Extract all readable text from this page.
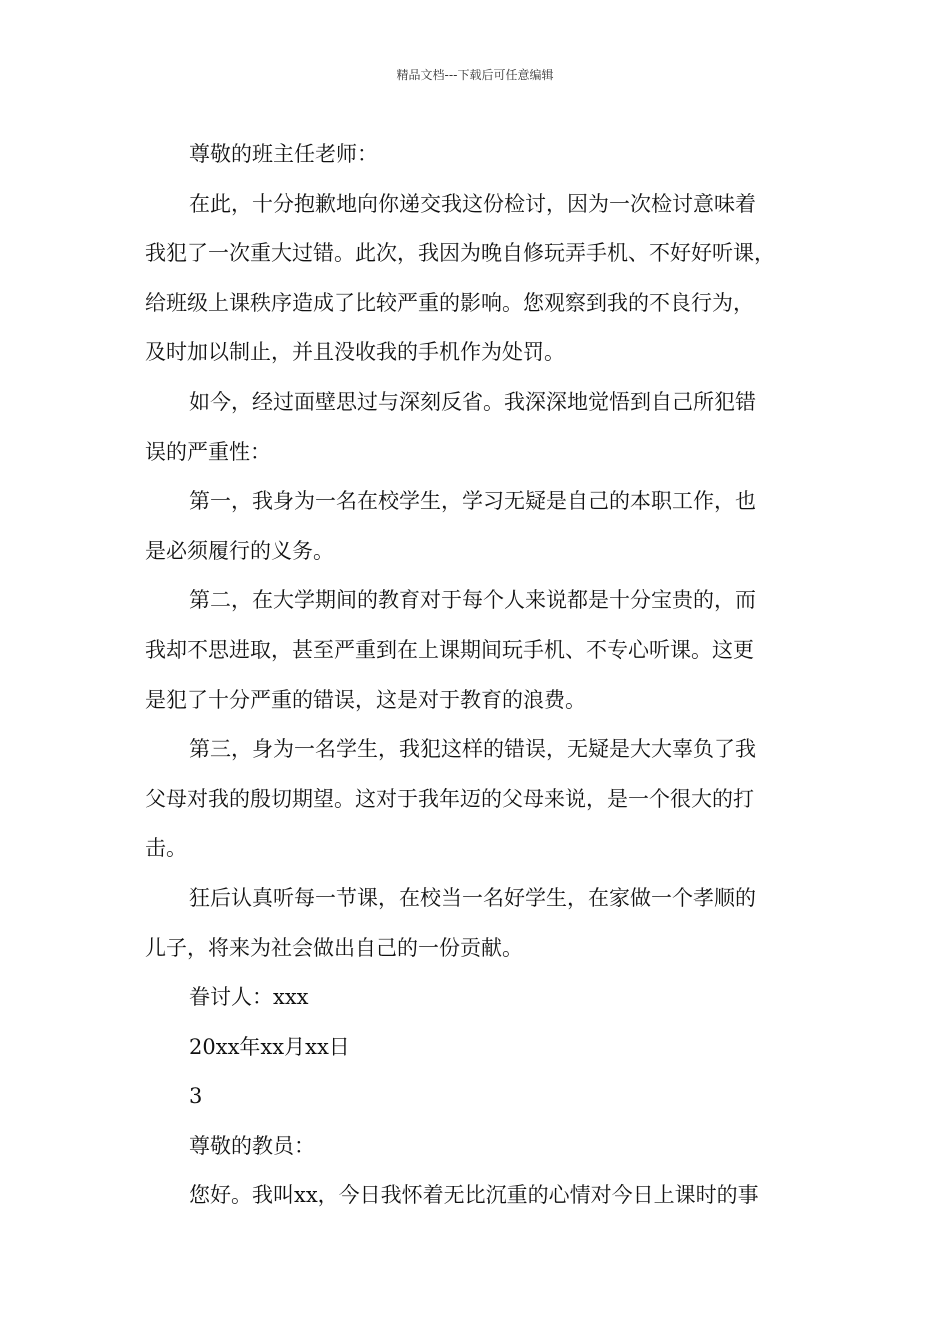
精品文档---下载后可任意编辑
尊敬的班主任老师：
在此，十分抱歉地向你递交我这份检讨，因为一次检讨意味着
我犯了一次重大过错。此次，我因为晚自修玩弄手机、不好好听课，
给班级上课秩序造成了比较严重的影响。您观察到我的不良行为，
及时加以制止，并且没收我的手机作为处罚。
如今，经过面壁思过与深刻反省。我深深地觉悟到自己所犯错
误的严重性：
第一，我身为一名在校学生，学习无疑是自己的本职工作，也
是必须履行的义务。
第二，在大学期间的教育对于每个人来说都是十分宝贵的，而
我却不思进取，甚至严重到在上课期间玩手机、不专心听课。这更
是犯了十分严重的错误，这是对于教育的浪费。
第三，身为一名学生，我犯这样的错误，无疑是大大辜负了我
父母对我的殷切期望。这对于我年迈的父母来说，是一个很大的打
击。
狂后认真听每一节课，在校当一名好学生，在家做一个孝顺的
儿子，将来为社会做出自己的一份贡献。
眷讨人：xxx
20xx年xx月xx日
3
尊敬的教员：
您好。我叫xx，今日我怀着无比沉重的心情对今日上课时的事
